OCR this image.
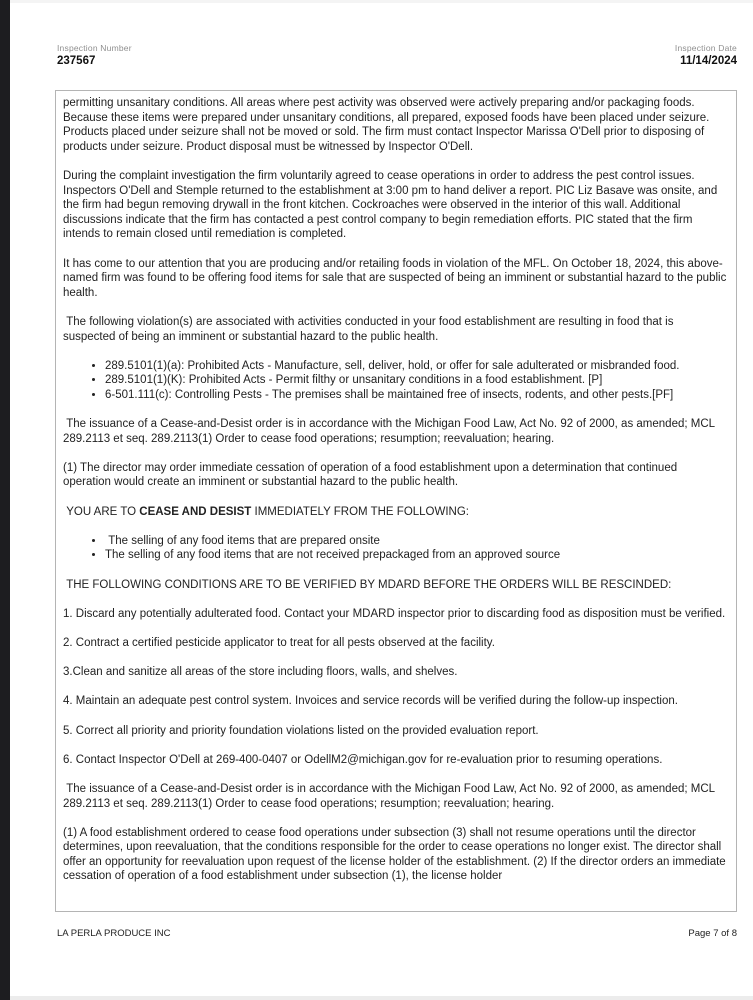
Inspection Number
237567
Inspection Date
11/14/2024

permitting unsanitary conditions. All areas where pest activity was observed were actively preparing and/or packaging foods. Because these items were prepared under unsanitary conditions, all prepared, exposed foods have been placed under seizure. Products placed under seizure shall not be moved or sold. The firm must contact Inspector Marissa O'Dell prior to disposing of products under seizure. Product disposal must be witnessed by Inspector O'Dell.

During the complaint investigation the firm voluntarily agreed to cease operations in order to address the pest control issues. Inspectors O'Dell and Stemple returned to the establishment at 3:00 pm to hand deliver a report. PIC Liz Basave was onsite, and the firm had begun removing drywall in the front kitchen. Cockroaches were observed in the interior of this wall. Additional discussions indicate that the firm has contacted a pest control company to begin remediation efforts. PIC stated that the firm intends to remain closed until remediation is completed.

It has come to our attention that you are producing and/or retailing foods in violation of the MFL. On October 18, 2024, this above-named firm was found to be offering food items for sale that are suspected of being an imminent or substantial hazard to the public health.

The following violation(s) are associated with activities conducted in your food establishment are resulting in food that is suspected of being an imminent or substantial hazard to the public health.

• 289.5101(1)(a): Prohibited Acts - Manufacture, sell, deliver, hold, or offer for sale adulterated or misbranded food.
• 289.5101(1)(K): Prohibited Acts - Permit filthy or unsanitary conditions in a food establishment. [P]
• 6-501.111(c): Controlling Pests - The premises shall be maintained free of insects, rodents, and other pests.[PF]

The issuance of a Cease-and-Desist order is in accordance with the Michigan Food Law, Act No. 92 of 2000, as amended; MCL 289.2113 et seq. 289.2113(1) Order to cease food operations; resumption; reevaluation; hearing.

(1) The director may order immediate cessation of operation of a food establishment upon a determination that continued operation would create an imminent or substantial hazard to the public health.

YOU ARE TO CEASE AND DESIST IMMEDIATELY FROM THE FOLLOWING:

•  The selling of any food items that are prepared onsite
• The selling of any food items that are not received prepackaged from an approved source

THE FOLLOWING CONDITIONS ARE TO BE VERIFIED BY MDARD BEFORE THE ORDERS WILL BE RESCINDED:

1. Discard any potentially adulterated food. Contact your MDARD inspector prior to discarding food as disposition must be verified.

2. Contract a certified pesticide applicator to treat for all pests observed at the facility.

3.Clean and sanitize all areas of the store including floors, walls, and shelves.

4. Maintain an adequate pest control system. Invoices and service records will be verified during the follow-up inspection.

5. Correct all priority and priority foundation violations listed on the provided evaluation report.

6. Contact Inspector O'Dell at 269-400-0407 or OdellM2@michigan.gov for re-evaluation prior to resuming operations.

The issuance of a Cease-and-Desist order is in accordance with the Michigan Food Law, Act No. 92 of 2000, as amended; MCL 289.2113 et seq. 289.2113(1) Order to cease food operations; resumption; reevaluation; hearing.

(1) A food establishment ordered to cease food operations under subsection (3) shall not resume operations until the director determines, upon reevaluation, that the conditions responsible for the order to cease operations no longer exist. The director shall offer an opportunity for reevaluation upon request of the license holder of the establishment. (2) If the director orders an immediate cessation of operation of a food establishment under subsection (1), the license holder

LA PERLA PRODUCE INC	Page 7 of 8
